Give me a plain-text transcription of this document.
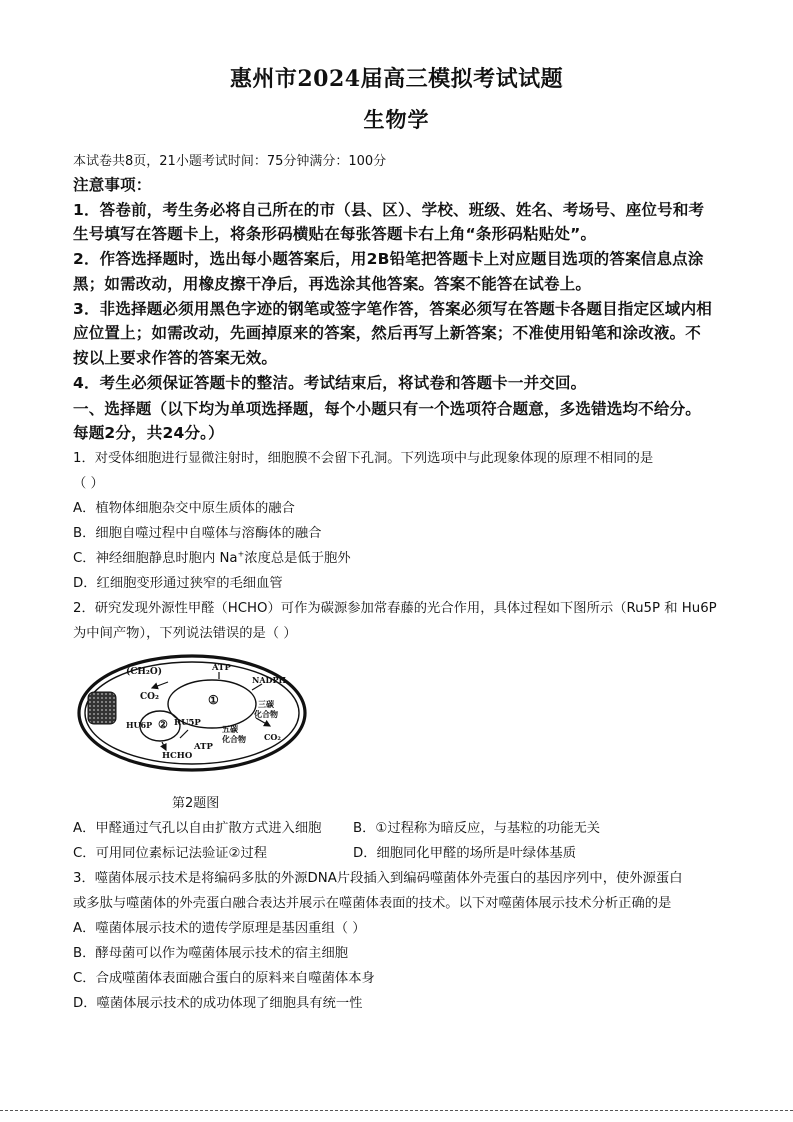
惠州市2024届高三模拟考试试题
生物学
本试卷共8页，21小题考试时间：75分钟满分：100分
注意事项：
1．答卷前，考生务必将自己所在的市（县、区）、学校、班级、姓名、考场号、座位号和考
生号填写在答题卡上，将条形码横贴在每张答题卡右上角“条形码粘贴处”。
2．作答选择题时，选出每小题答案后，用2B铅笔把答题卡上对应题目选项的答案信息点涂
黑；如需改动，用橡皮擦干净后，再选涂其他答案。答案不能答在试卷上。
3．非选择题必须用黑色字迹的钢笔或签字笔作答，答案必须写在答题卡各题目指定区域内相
应位置上；如需改动，先画掉原来的答案，然后再写上新答案；不准使用铅笔和涂改液。不
按以上要求作答的答案无效。
4．考生必须保证答题卡的整洁。考试结束后，将试卷和答题卡一并交回。
一、选择题（以下均为单项选择题，每个小题只有一个选项符合题意，多选错选均不给分。
每题2分，共24分。）
1．对受体细胞进行显微注射时，细胞膜不会留下孔洞。下列选项中与此现象体现的原理不相同的是
（ ）
A．植物体细胞杂交中原生质体的融合
B．细胞自噬过程中自噬体与溶酶体的融合
C．神经细胞静息时胞内 Na+浓度总是低于胞外
D．红细胞变形通过狭窄的毛细血管
2．研究发现外源性甲醛（HCHO）可作为碳源参加常春藤的光合作用，具体过程如下图所示（Ru5P 和 Hu6P
为中间产物），下列说法错误的是（ ）
(CH₂O)	ATP
NADPH
CO₂	①	三碳
化合物
HU6P ② RU5P
五碳
化合物 CO₂
HCHO
ATP
第2题图
A．甲醛通过气孔以自由扩散方式进入细胞 B．①过程称为暗反应，与基粒的功能无关
C．可用同位素标记法验证②过程	D．细胞同化甲醛的场所是叶绿体基质
3．噬菌体展示技术是将编码多肽的外源DNA片段插入到编码噬菌体外壳蛋白的基因序列中，使外源蛋白
或多肽与噬菌体的外壳蛋白融合表达并展示在噬菌体表面的技术。以下对噬菌体展示技术分析正确的是
A．噬菌体展示技术的遗传学原理是基因重组（ ）
B．酵母菌可以作为噬菌体展示技术的宿主细胞
C．合成噬菌体表面融合蛋白的原料来自噬菌体本身
D．噬菌体展示技术的成功体现了细胞具有统一性
